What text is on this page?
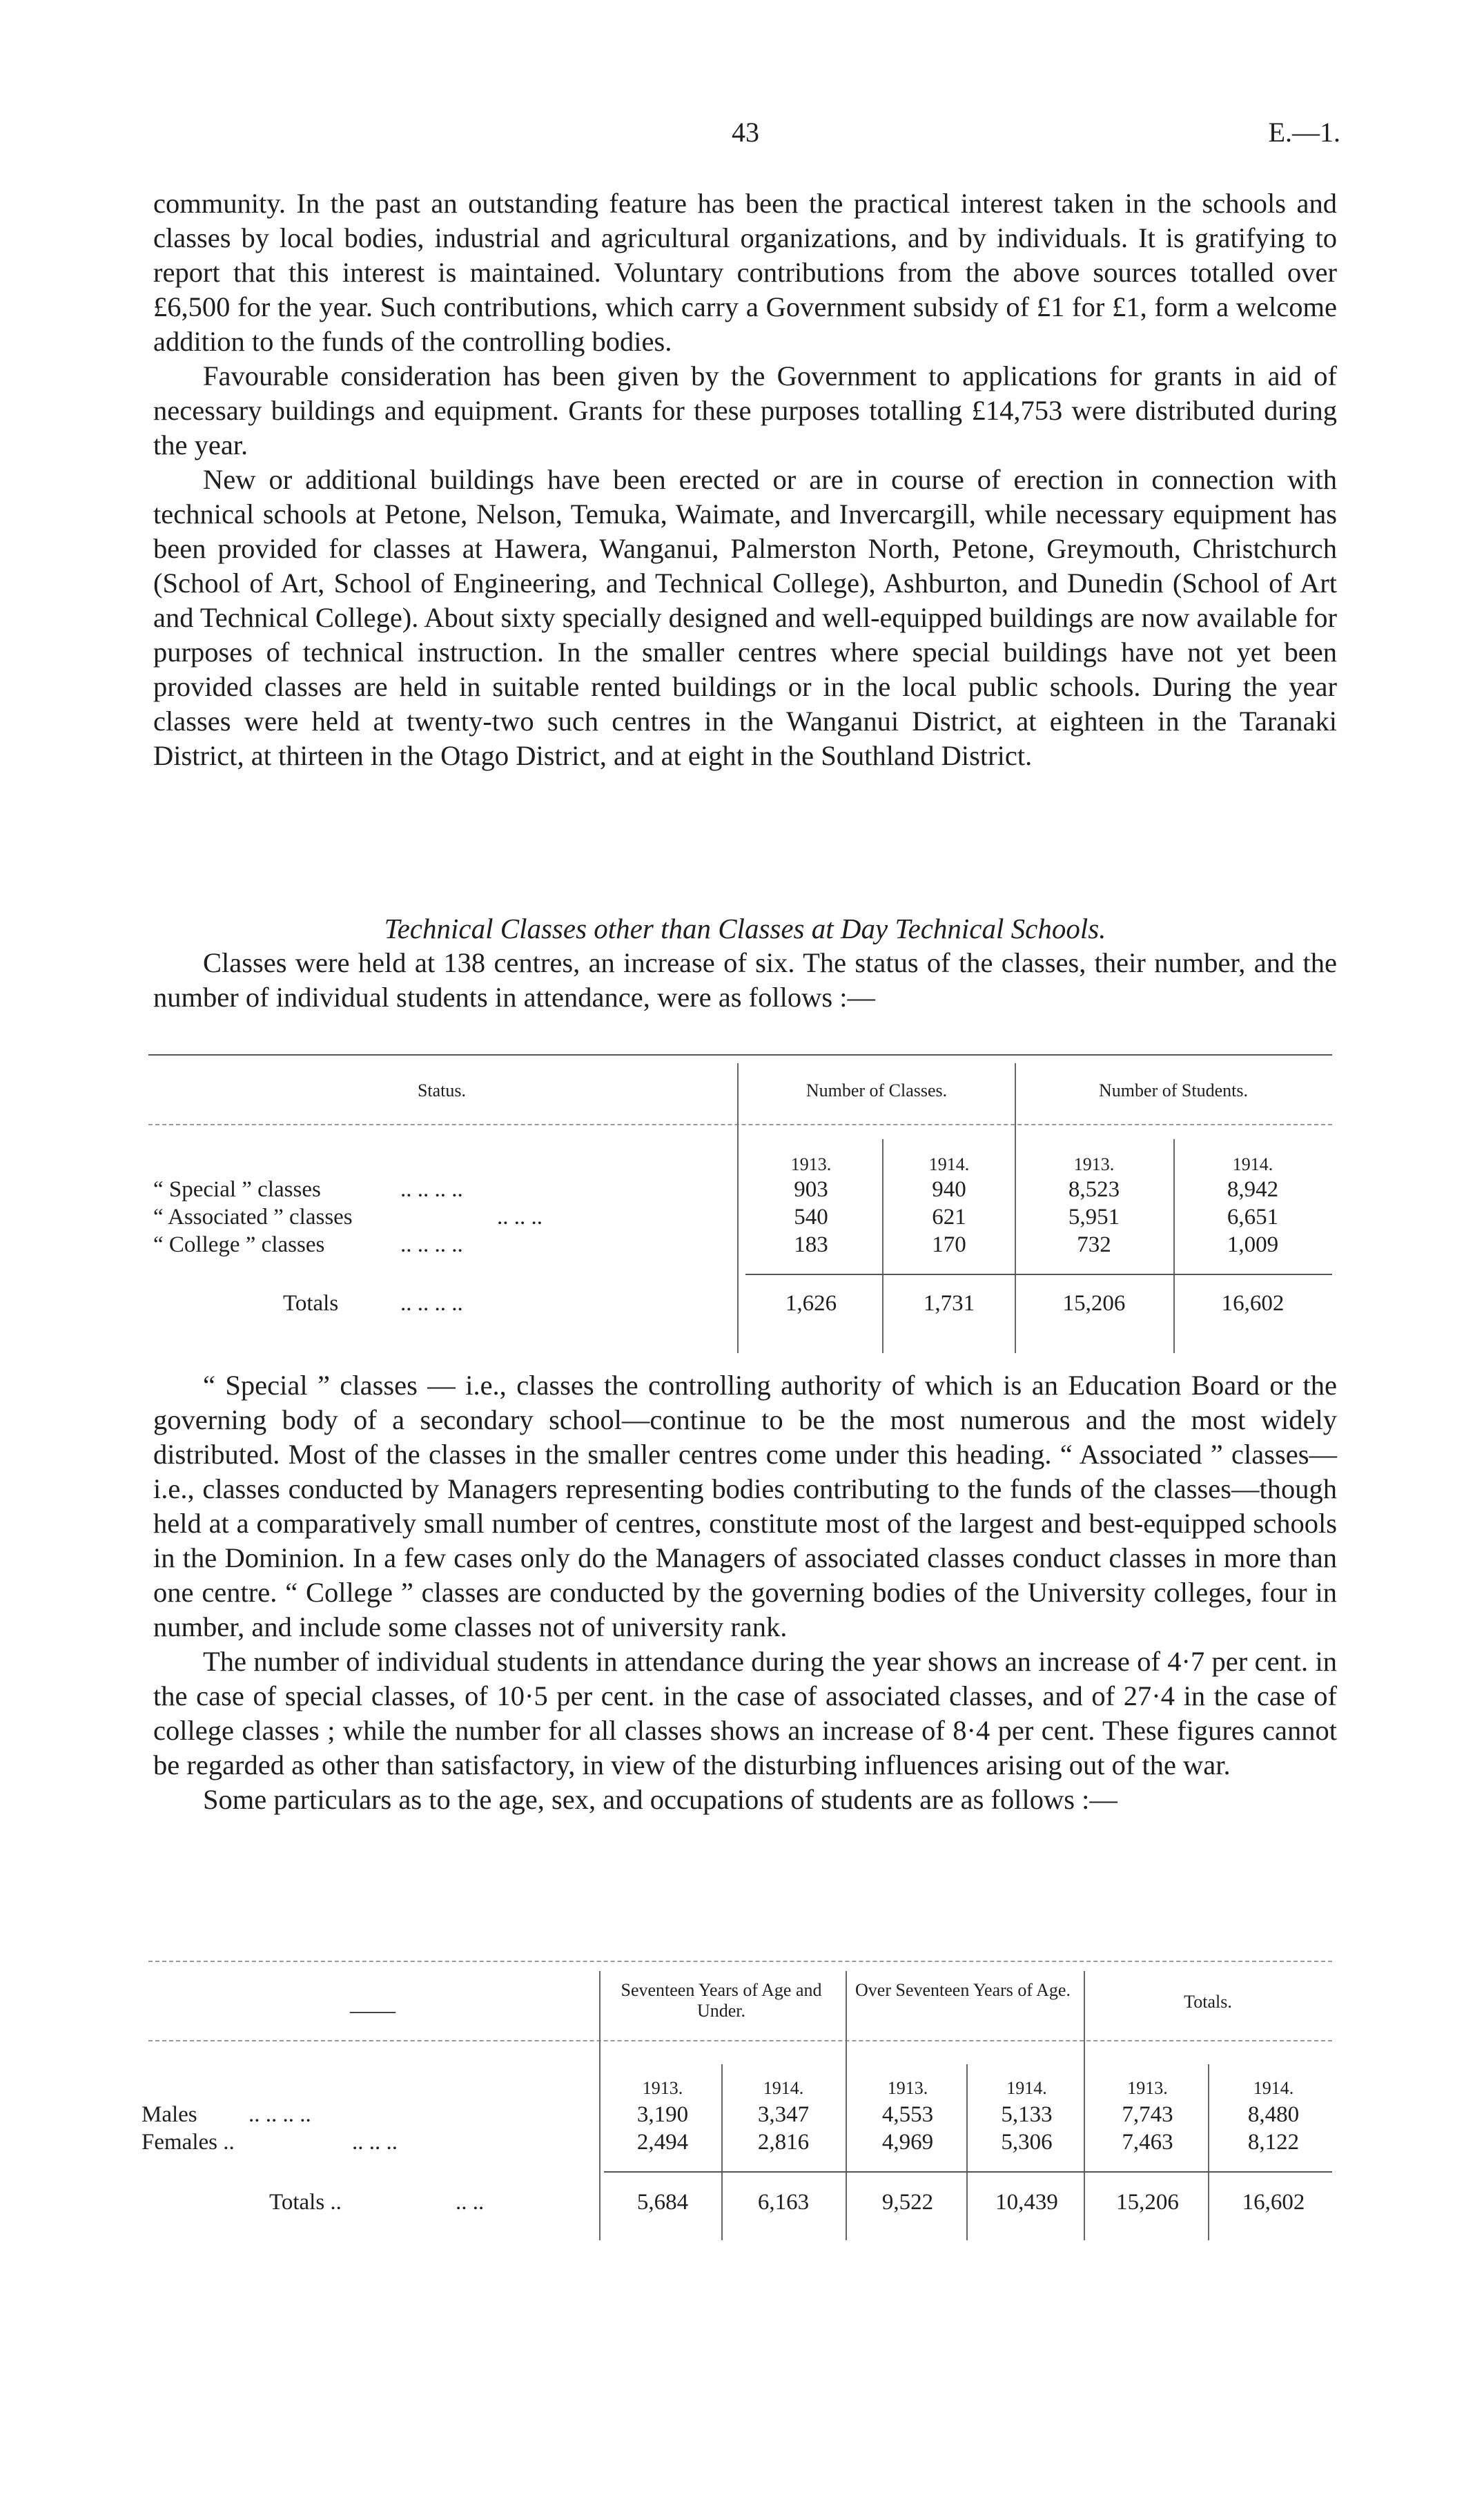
43	E.—1.

community. In the past an outstanding feature has been the practical interest taken in the schools and classes by local bodies, industrial and agricultural organizations, and by individuals. It is gratifying to report that this interest is maintained. Voluntary contributions from the above sources totalled over £6,500 for the year. Such contributions, which carry a Government subsidy of £1 for £1, form a welcome addition to the funds of the controlling bodies.

Favourable consideration has been given by the Government to applications for grants in aid of necessary buildings and equipment. Grants for these purposes totalling £14,753 were distributed during the year.

New or additional buildings have been erected or are in course of erection in connection with technical schools at Petone, Nelson, Temuka, Waimate, and Invercargill, while necessary equipment has been provided for classes at Hawera, Wanganui, Palmerston North, Petone, Greymouth, Christchurch (School of Art, School of Engineering, and Technical College), Ashburton, and Dunedin (School of Art and Technical College). About sixty specially designed and well-equipped buildings are now available for purposes of technical instruction. In the smaller centres where special buildings have not yet been provided classes are held in suitable rented buildings or in the local public schools. During the year classes were held at twenty-two such centres in the Wanganui District, at eighteen in the Taranaki District, at thirteen in the Otago District, and at eight in the Southland District.

Technical Classes other than Classes at Day Technical Schools.

Classes were held at 138 centres, an increase of six. The status of the classes, their number, and the number of individual students in attendance, were as follows :—

Status.	Number of Classes.	Number of Students.
1913.	1914.	1913.	1914.
“ Special ” classes	.. .. .. ..	903	940	8,523	8,942
“ Associated ” classes	.. .. ..	540	621	5,951	6,651
“ College ” classes	.. .. .. ..	183	170	732	1,009
Totals	.. .. .. ..	1,626	1,731	15,206	16,602

“ Special ” classes — i.e., classes the controlling authority of which is an Education Board or the governing body of a secondary school—continue to be the most numerous and the most widely distributed. Most of the classes in the smaller centres come under this heading. “ Associated ” classes—i.e., classes conducted by Managers representing bodies contributing to the funds of the classes—though held at a comparatively small number of centres, constitute most of the largest and best-equipped schools in the Dominion. In a few cases only do the Managers of associated classes conduct classes in more than one centre. “ College ” classes are conducted by the governing bodies of the University colleges, four in number, and include some classes not of university rank.

The number of individual students in attendance during the year shows an increase of 4·7 per cent. in the case of special classes, of 10·5 per cent. in the case of associated classes, and of 27·4 in the case of college classes ; while the number for all classes shows an increase of 8·4 per cent. These figures cannot be regarded as other than satisfactory, in view of the disturbing influences arising out of the war.

Some particulars as to the age, sex, and occupations of students are as follows :—

——
Seventeen Years of Age and Under.
Over Seventeen Years of Age.
Totals.
1913.	1914.	1913.	1914.	1913.	1914.
Males .. .. .. ..	3,190	3,347	4,553	5,133	7,743	8,480
Females ..	.. .. ..	2,494	2,816	4,969	5,306	7,463	8,122
Totals ..	.. ..	5,684	6,163	9,522	10,439	15,206	16,602
